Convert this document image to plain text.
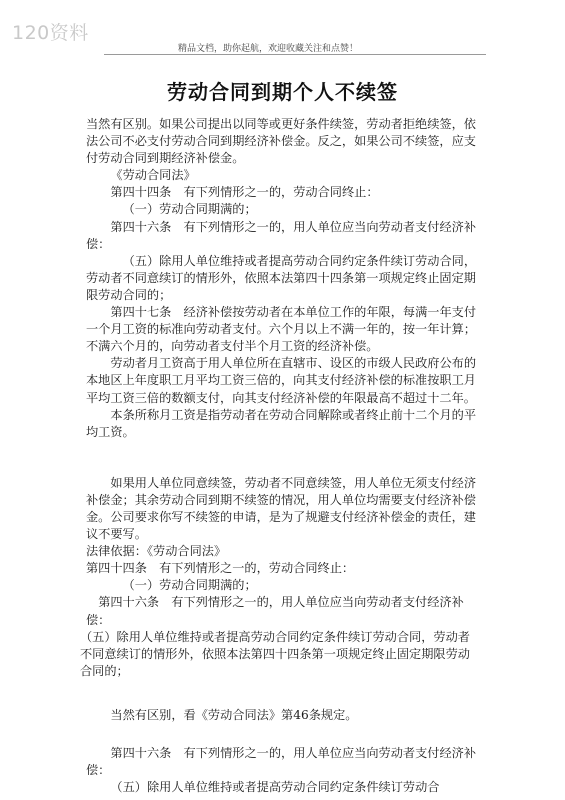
120资料
精品文档，助你起航，欢迎收藏关注和点赞！
劳动合同到期个人不续签

当然有区别。如果公司提出以同等或更好条件续签，劳动者拒绝续签，依法公司不必支付劳动合同到期经济补偿金。反之，如果公司不续签，应支付劳动合同到期经济补偿金。

《劳动合同法》

第四十四条　有下列情形之一的，劳动合同终止：

（一）劳动合同期满的；

第四十六条　有下列情形之一的，用人单位应当向劳动者支付经济补偿：

（五）除用人单位维持或者提高劳动合同约定条件续订劳动合同，劳动者不同意续订的情形外，依照本法第四十四条第一项规定终止固定期限劳动合同的；

第四十七条　经济补偿按劳动者在本单位工作的年限，每满一年支付一个月工资的标准向劳动者支付。六个月以上不满一年的，按一年计算；不满六个月的，向劳动者支付半个月工资的经济补偿。

劳动者月工资高于用人单位所在直辖市、设区的市级人民政府公布的本地区上年度职工月平均工资三倍的，向其支付经济补偿的标准按职工月平均工资三倍的数额支付，向其支付经济补偿的年限最高不超过十二年。

本条所称月工资是指劳动者在劳动合同解除或者终止前十二个月的平均工资。

如果用人单位同意续签，劳动者不同意续签，用人单位无须支付经济补偿金；其余劳动合同到期不续签的情况，用人单位均需要支付经济补偿金。公司要求你写不续签的申请，是为了规避支付经济补偿金的责任，建议不要写。

法律依据：《劳动合同法》

第四十四条　有下列情形之一的，劳动合同终止：

（一）劳动合同期满的；

第四十六条　有下列情形之一的，用人单位应当向劳动者支付经济补偿：

（五）除用人单位维持或者提高劳动合同约定条件续订劳动合同，劳动者不同意续订的情形外，依照本法第四十四条第一项规定终止固定期限劳动合同的；

当然有区别，看《劳动合同法》第46条规定。

第四十六条　有下列情形之一的，用人单位应当向劳动者支付经济补偿：

（五）除用人单位维持或者提高劳动合同约定条件续订劳动合
